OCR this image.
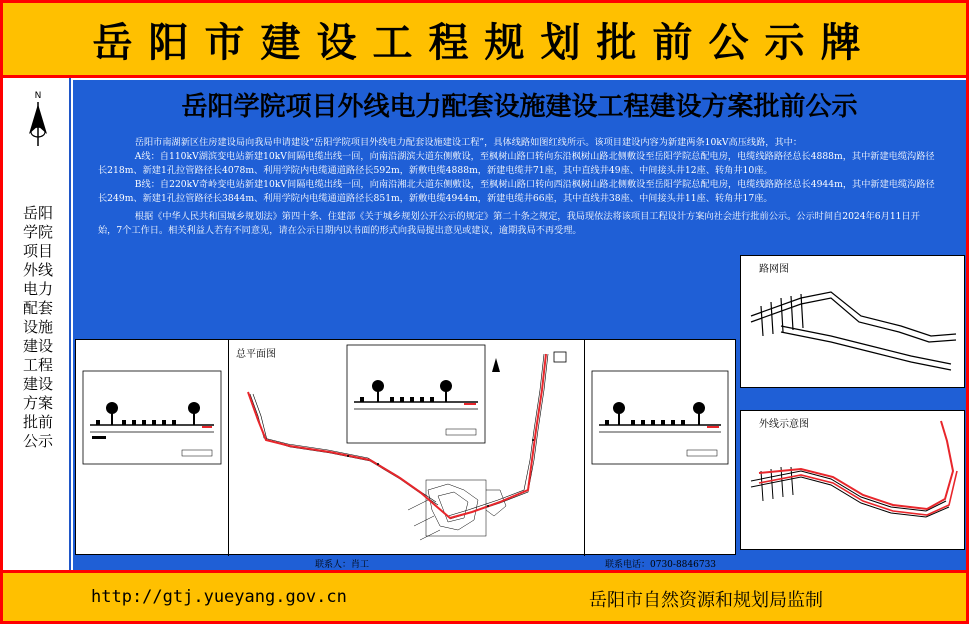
岳阳市建设工程规划批前公示牌
N
岳阳
学院
项目
外线
电力
配套
设施
建设
工程
建设
方案
批前
公示
岳阳学院项目外线电力配套设施建设工程建设方案批前公示

岳阳市南湖新区住房建设局向我局申请建设“岳阳学院项目外线电力配套设施建设工程”，具体线路如图红线所示。该项目建设内容为新建两条10kV高压线路，其中：

A线：自110kV湖滨变电站新建10kV间隔电缆出线一回，向南沿湖滨大道东侧敷设，至枫树山路口转向东沿枫树山路北侧敷设至岳阳学院总配电房，电缆线路路径总长4888m，其中新建电缆沟路径长218m、新建1孔拉管路径长4078m、利用学院内电缆通道路径长592m，新敷电缆4888m，新建电缆井71座，其中直线井49座、中间接头井12座、转角井10座。

B线：自220kV奇岭变电站新建10kV间隔电缆出线一回，向南沿湘北大道东侧敷设，至枫树山路口转向西沿枫树山路北侧敷设至岳阳学院总配电房，电缆线路路径总长4944m，其中新建电缆沟路径长249m、新建1孔拉管路径长3844m、利用学院内电缆通道路径长851m，新敷电缆4944m，新建电缆井66座，其中直线井38座、中间接头井11座、转角井17座。

根据《中华人民共和国城乡规划法》第四十条、住建部《关于城乡规划公开公示的规定》第二十条之规定，我局现依法将该项目工程设计方案向社会进行批前公示。公示时间自2024年6月11日开始，7个工作日。相关利益人若有不同意见，请在公示日期内以书面的形式向我局提出意见或建议，逾期我局不再受理。

总平面图
联系人：肖工	联系电话：0730-8846733
路网图
外线示意图
http://gtj.yueyang.gov.cn	岳阳市自然资源和规划局监制
